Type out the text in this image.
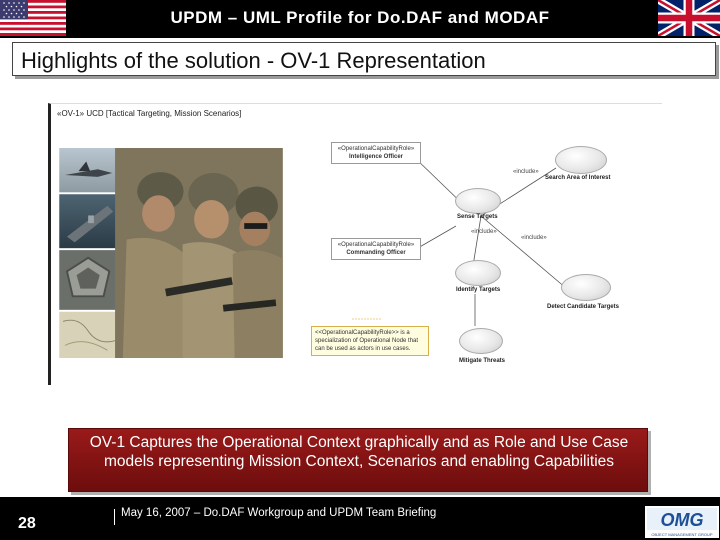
UPDM – UML Profile for Do.DAF and MODAF
Highlights of the solution - OV-1 Representation
«OV-1» UCD [Tactical Targeting, Mission Scenarios]
«OperationalCapabilityRole»
Intelligence Officer
«OperationalCapabilityRole»
Commanding Officer
Search Area of Interest
Sense Targets
Identify Targets
Detect Candidate Targets
Mitigate Threats
«include»
«include»
«include»
<<OperationalCapabilityRole>> is a specialization of Operational Node that can be used as actors in use cases.
OV-1 Captures the Operational Context graphically and as Role and Use Case models representing Mission Context, Scenarios and enabling Capabilities
28
May 16, 2007 – Do.DAF Workgroup and UPDM Team Briefing	OMG
OBJECT MANAGEMENT GROUP
